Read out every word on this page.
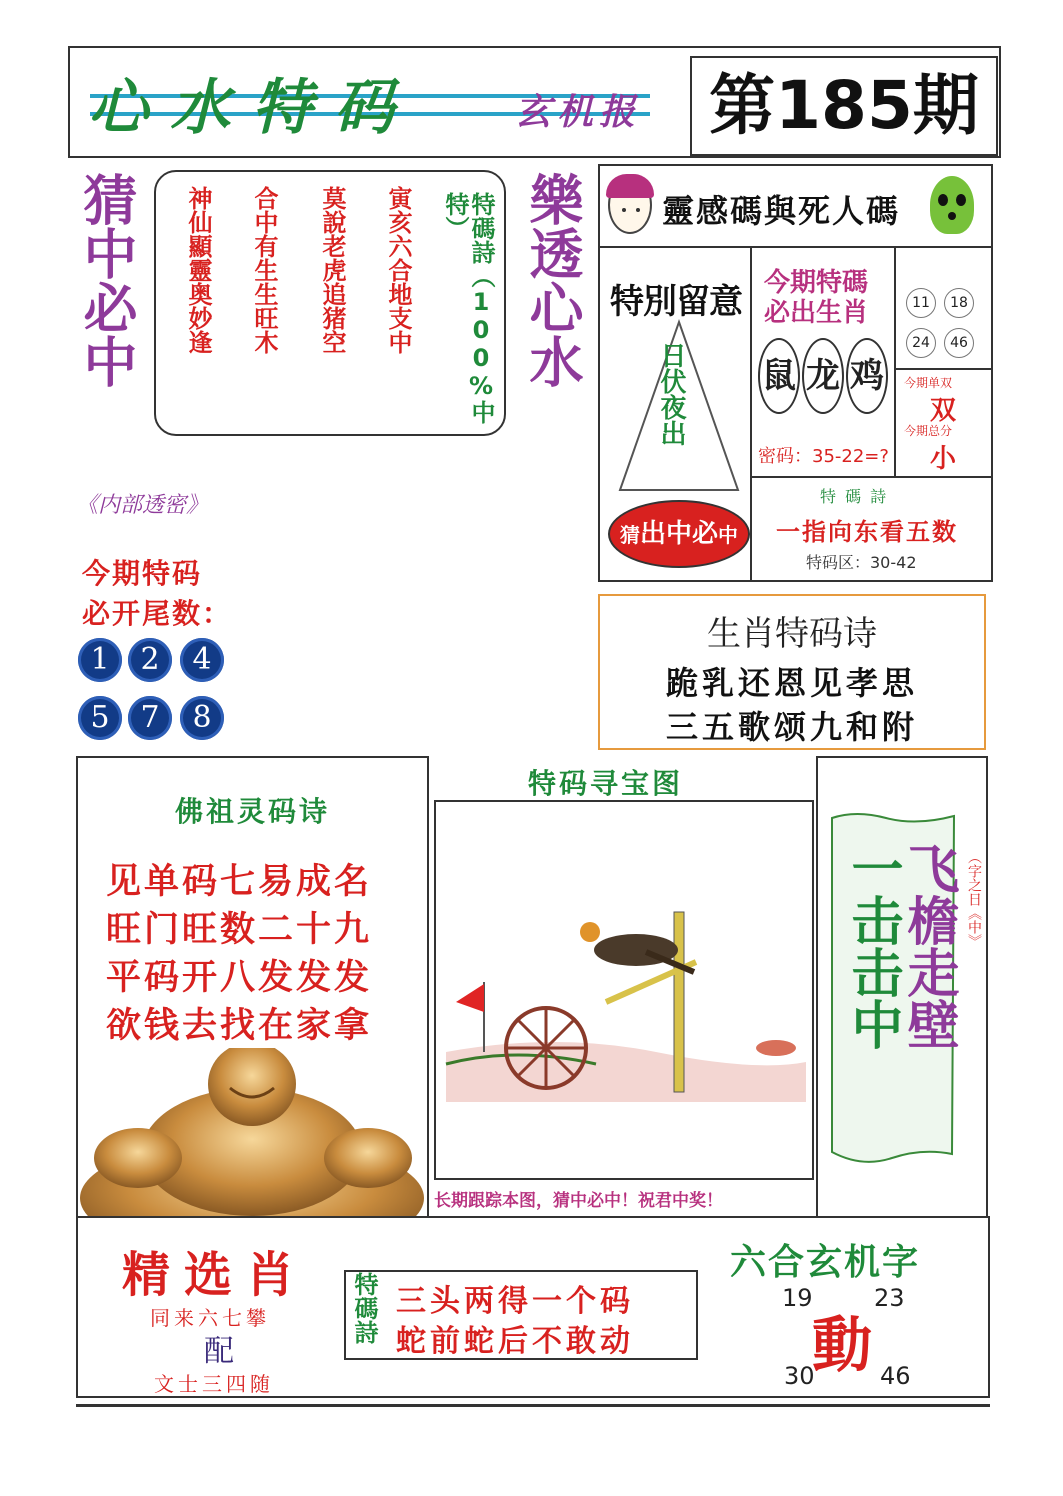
心水特码	玄机报 第185期
猜中必中 神仙顯靈奥妙逢 合中有生生旺木 莫說老虎追猪空 寅亥六合地支中	特碼詩（100%中特） 樂透心水 靈感碼與死人碼
特別留意
日伏夜出
猜出中必中
今期特碼
必出生肖
鼠 龙 鸡
密码：35-22=?
11	18
24	46
今期单双
双
今期总分
小
特 碼 詩
一指向东看五数
特码区：30-42
《内部透密》
今期特码
必开尾数：
1	2	4
5	7	8
生肖特码诗
跪乳还恩见孝思
三五歌颂九和附
佛祖灵码诗
见单码七易成名
旺门旺数二十九
平码开八发发发
欲钱去找在家拿
特码寻宝图
长期跟踪本图，猜中必中！祝君中奖！
一击击中
飞檐走壁 （字之日《中》
精选肖
同来六七攀
配
文士三四随
特碼詩 三头两得一个码
蛇前蛇后不敢动
六合玄机字
19	23
動
30	46
